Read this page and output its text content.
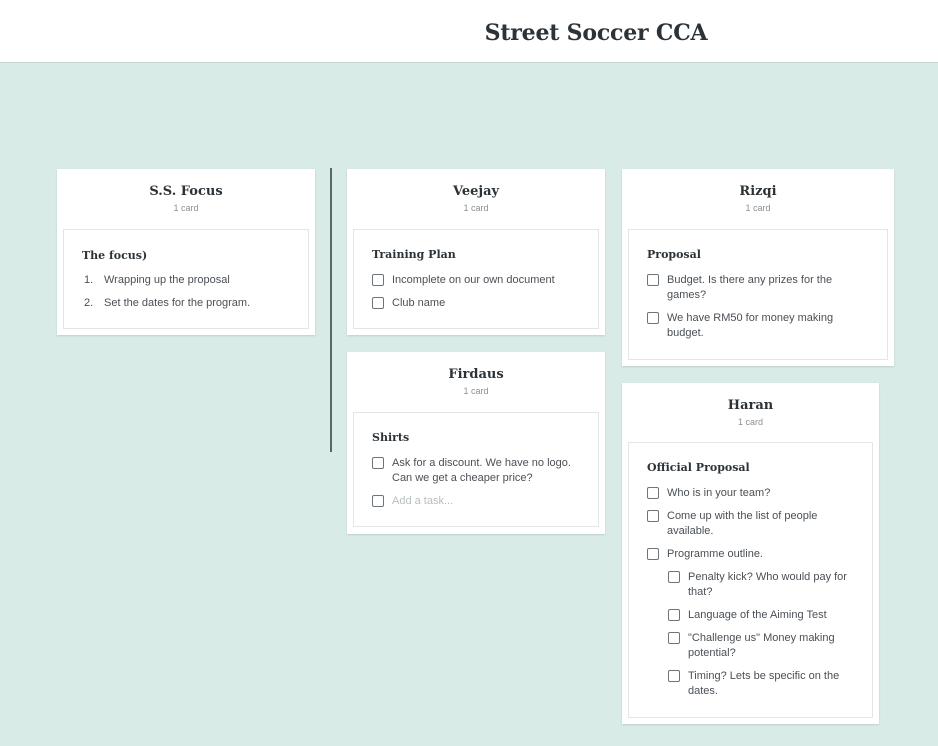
Street Soccer CCA
S.S. Focus
1 card
The focus)
1. Wrapping up the proposal
2. Set the dates for the program.
Veejay
1 card
Training Plan
Incomplete on our own document
Club name
Firdaus
1 card
Shirts
Ask for a discount. We have no logo. Can we get a cheaper price?
Add a task...
Rizqi
1 card
Proposal
Budget. Is there any prizes for the games?
We have RM50 for money making budget.
Haran
1 card
Official Proposal
Who is in your team?
Come up with the list of people available.
Programme outline.
Penalty kick? Who would pay for that?
Language of the Aiming Test
"Challenge us" Money making potential?
Timing? Lets be specific on the dates.
